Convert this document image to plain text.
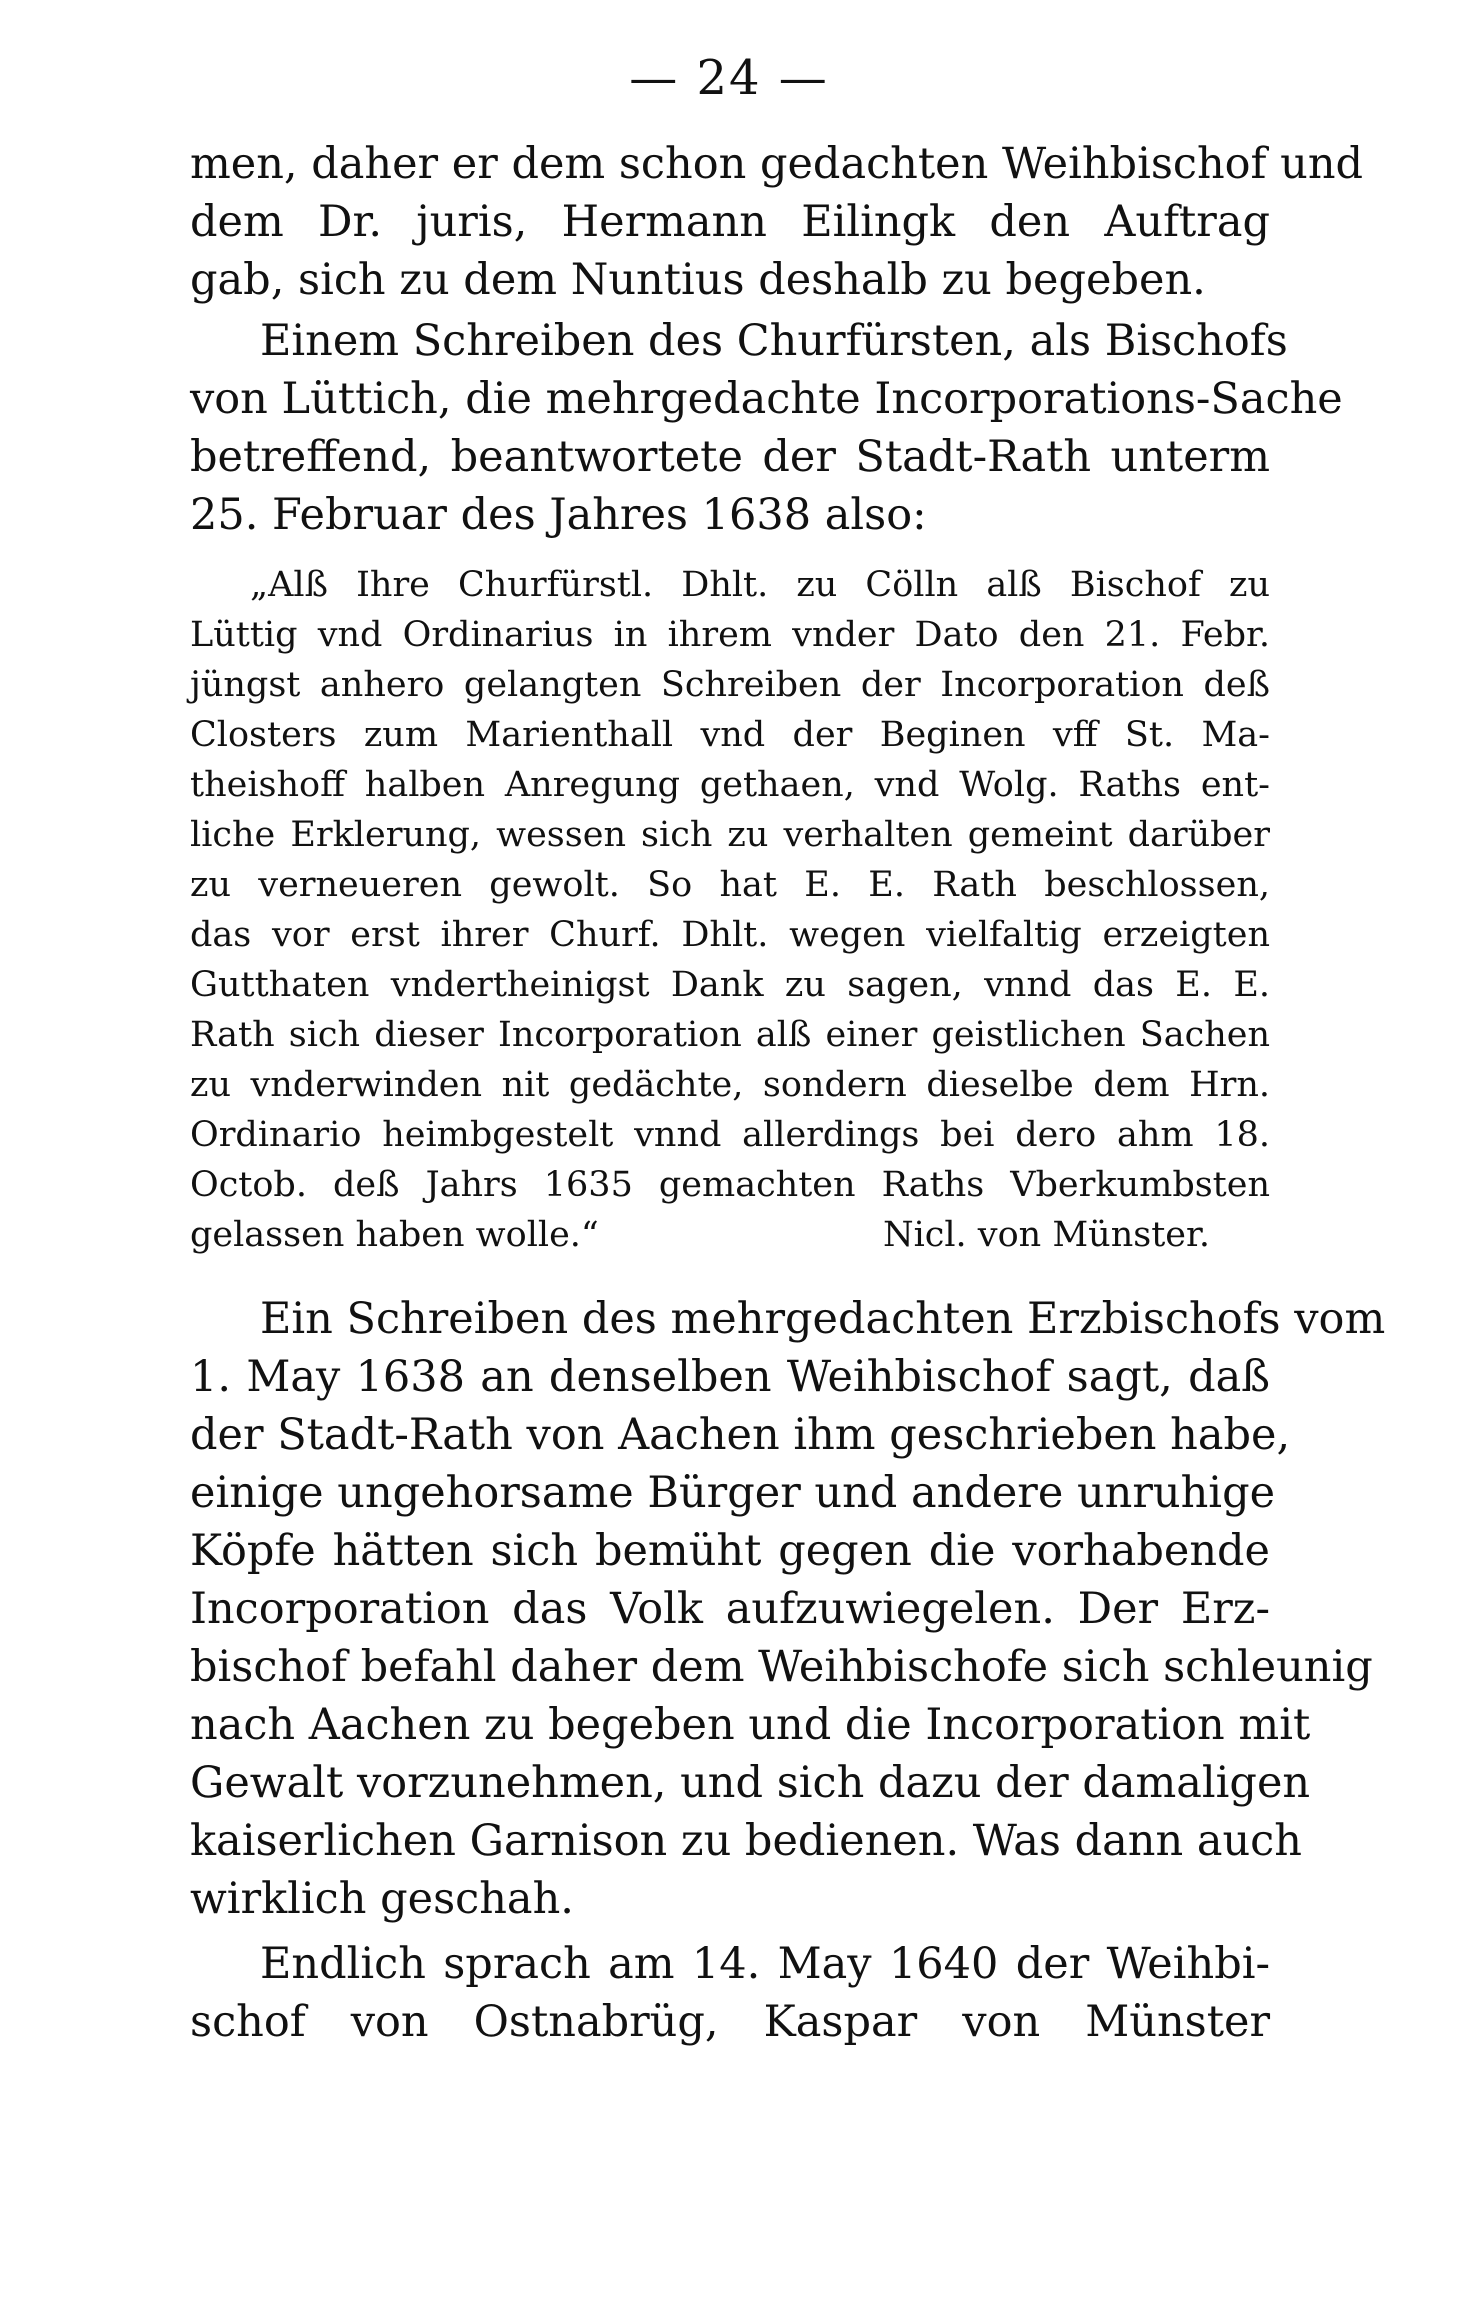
— 24 —
men, daher er dem schon gedachten Weihbischof und
dem Dr. juris, Hermann Eilingk den Auftrag
gab, sich zu dem Nuntius deshalb zu begeben.
Einem Schreiben des Churfürsten, als Bischofs
von Lüttich, die mehrgedachte Incorporations-Sache
betreffend, beantwortete der Stadt-Rath unterm
25. Februar des Jahres 1638 also:
„Alß Ihre Churfürstl. Dhlt. zu Cölln alß Bischof zu
Lüttig vnd Ordinarius in ihrem vnder Dato den 21. Febr.
jüngst anhero gelangten Schreiben der Incorporation deß
Closters zum Marienthall vnd der Beginen vff St. Ma-
theishoff halben Anregung gethaen, vnd Wolg. Raths ent-
liche Erklerung, wessen sich zu verhalten gemeint darüber
zu verneueren gewolt. So hat E. E. Rath beschlossen,
das vor erst ihrer Churf. Dhlt. wegen vielfaltig erzeigten
Gutthaten vndertheinigst Dank zu sagen, vnnd das E. E.
Rath sich dieser Incorporation alß einer geistlichen Sachen
zu vnderwinden nit gedächte, sondern dieselbe dem Hrn.
Ordinario heimbgestelt vnnd allerdings bei dero ahm 18.
Octob. deß Jahrs 1635 gemachten Raths Vberkumbsten
gelassen haben wolle.“	Nicl. von Münster.
Ein Schreiben des mehrgedachten Erzbischofs vom
1. May 1638 an denselben Weihbischof sagt, daß
der Stadt-Rath von Aachen ihm geschrieben habe,
einige ungehorsame Bürger und andere unruhige
Köpfe hätten sich bemüht gegen die vorhabende
Incorporation das Volk aufzuwiegelen. Der Erz-
bischof befahl daher dem Weihbischofe sich schleunig
nach Aachen zu begeben und die Incorporation mit
Gewalt vorzunehmen, und sich dazu der damaligen
kaiserlichen Garnison zu bedienen. Was dann auch
wirklich geschah.
Endlich sprach am 14. May 1640 der Weihbi-
schof von Ostnabrüg, Kaspar von Münster
